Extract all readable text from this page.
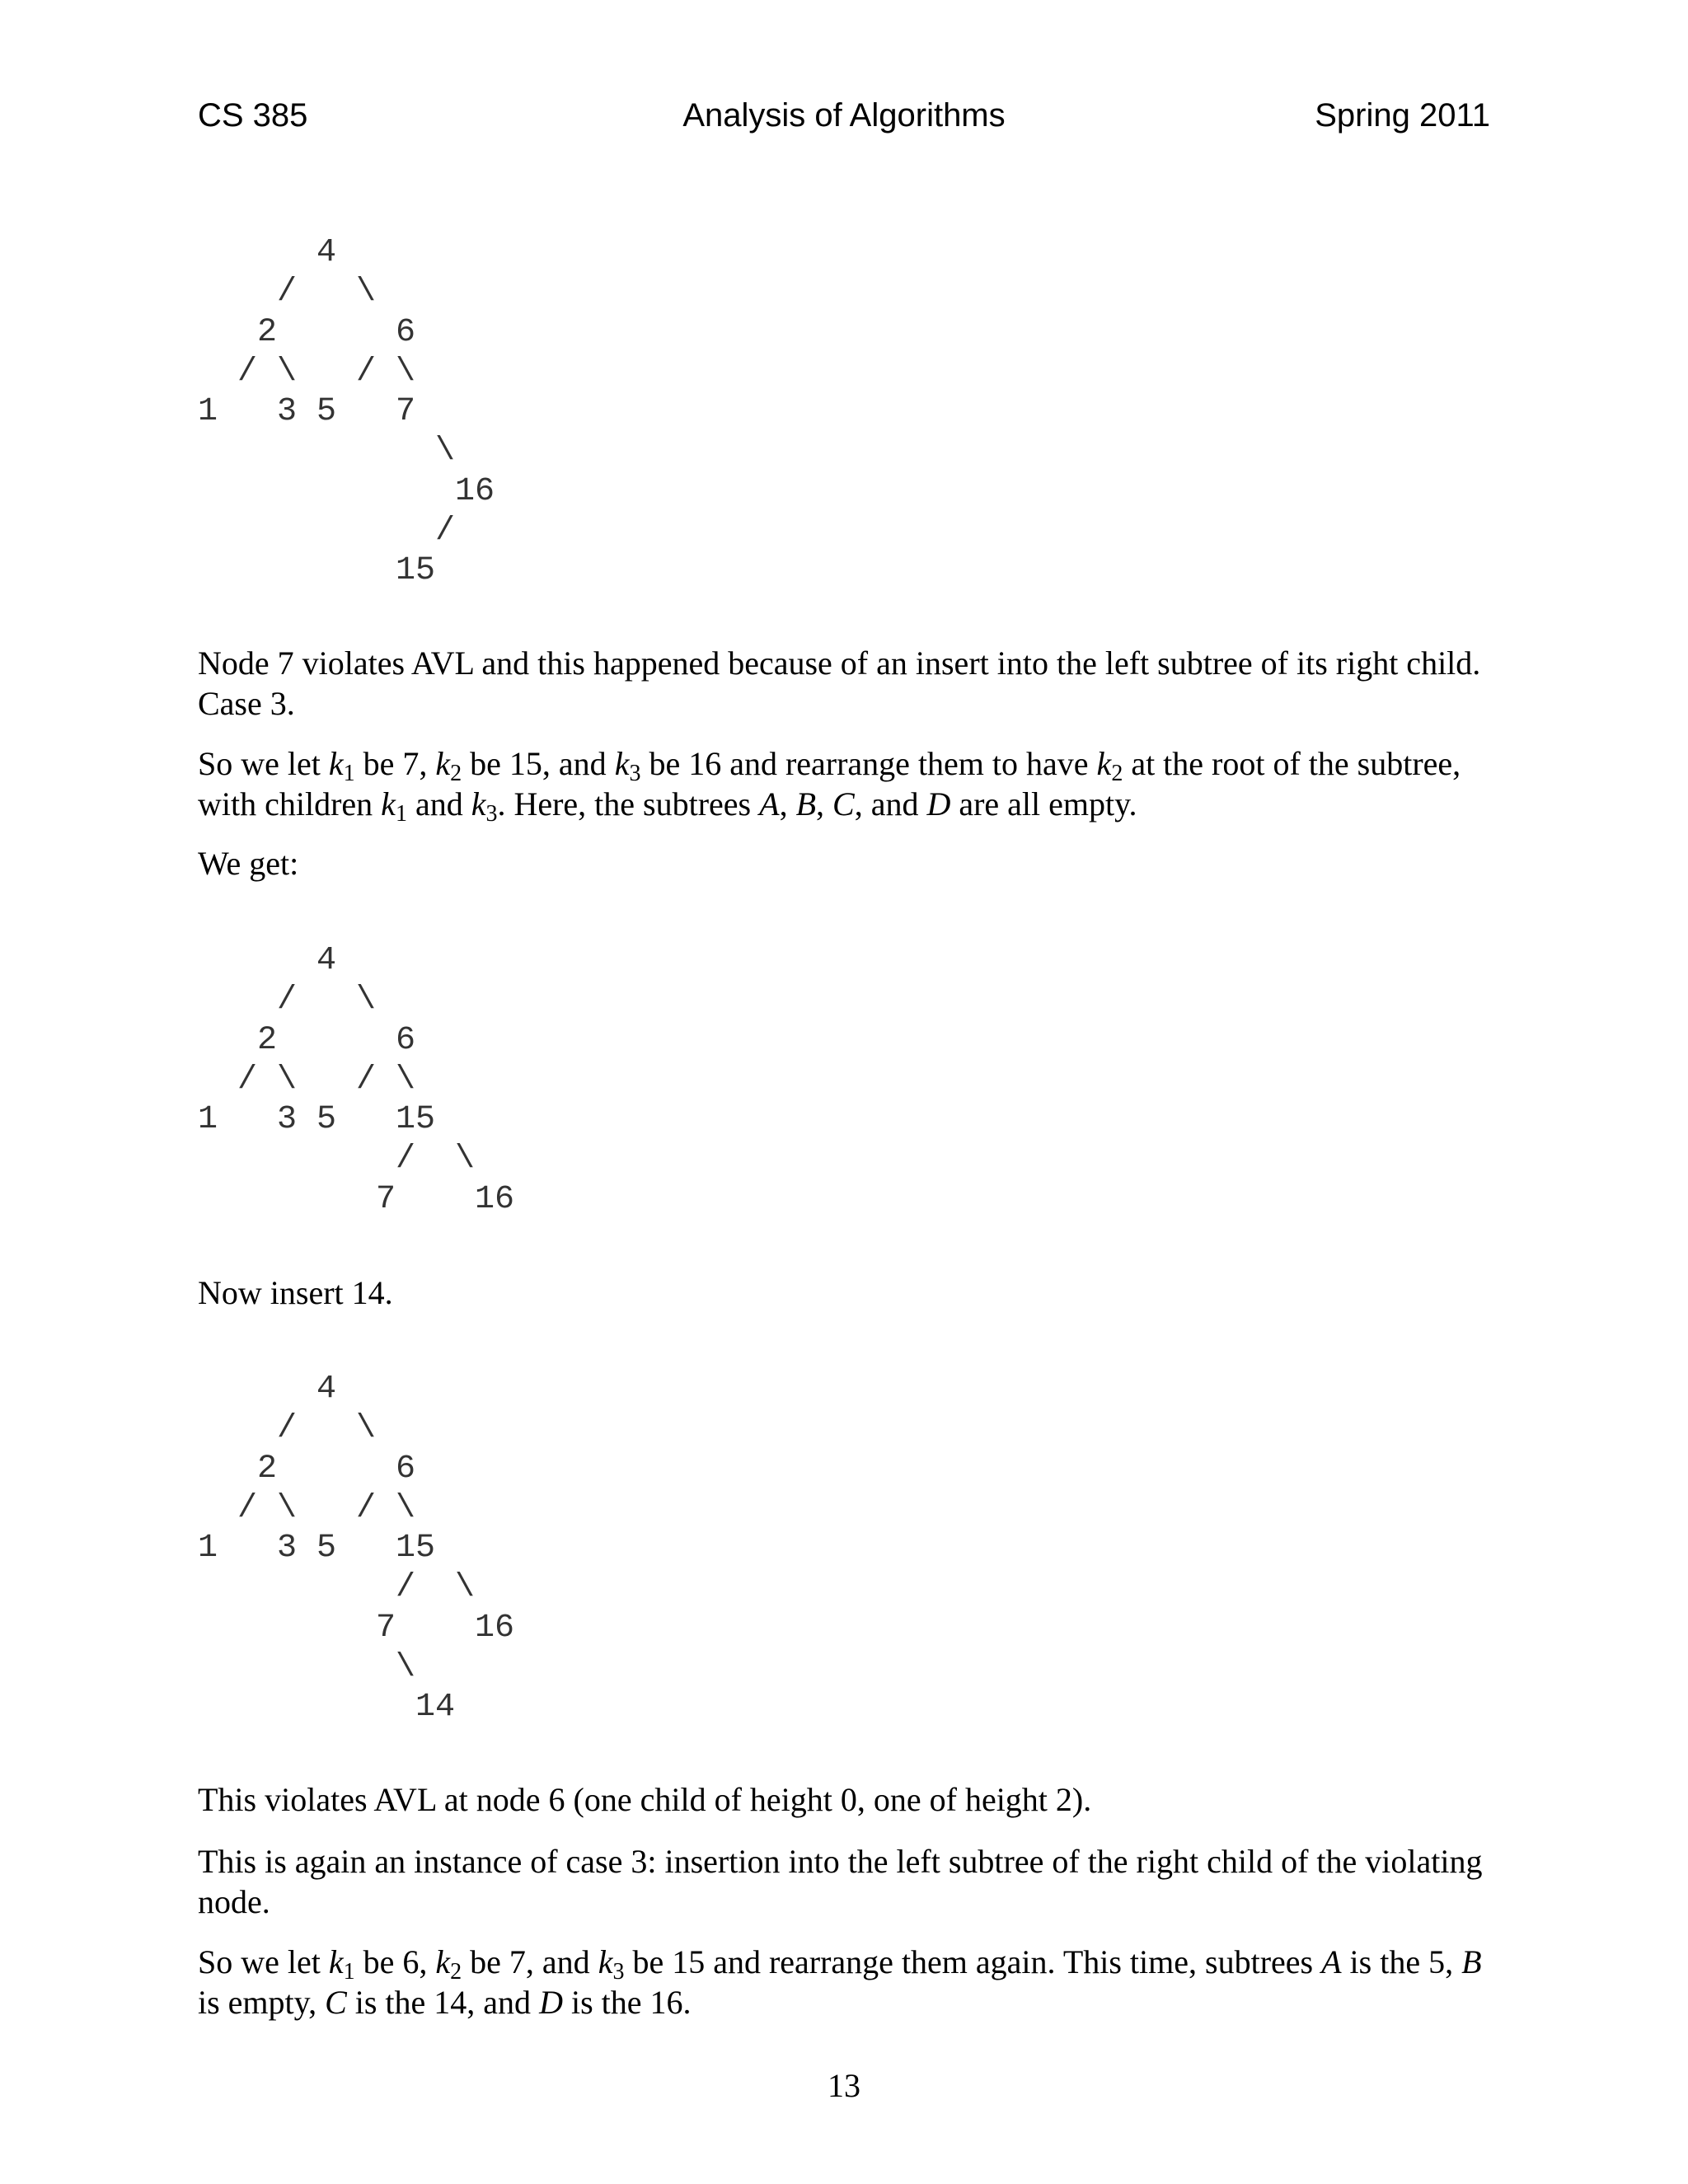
CS 385	Analysis of Algorithms	Spring 2011
4
/   \
2      6
/ \   / \
1   3 5   7
\
16
/
15

Node 7 violates AVL and this happened because of an insert into the left subtree of its right child. Case 3.

So we let $k_1$ be 7, $k_2$ be 15, and $k_3$ be 16 and rearrange them to have $k_2$ at the root of the subtree, with children $k_1$ and $k_3$. Here, the subtrees A, B, C, and D are all empty.

We get:

4
/   \
2      6
/ \   / \
1   3 5   15
/  \
7    16

Now insert 14.

4
/   \
2      6
/ \   / \
1   3 5   15
/  \
7    16
\
14

This violates AVL at node 6 (one child of height 0, one of height 2).

This is again an instance of case 3: insertion into the left subtree of the right child of the violating node.

So we let $k_1$ be 6, $k_2$ be 7, and $k_3$ be 15 and rearrange them again. This time, subtrees A is the 5, B is empty, C is the 14, and D is the 16.

13
